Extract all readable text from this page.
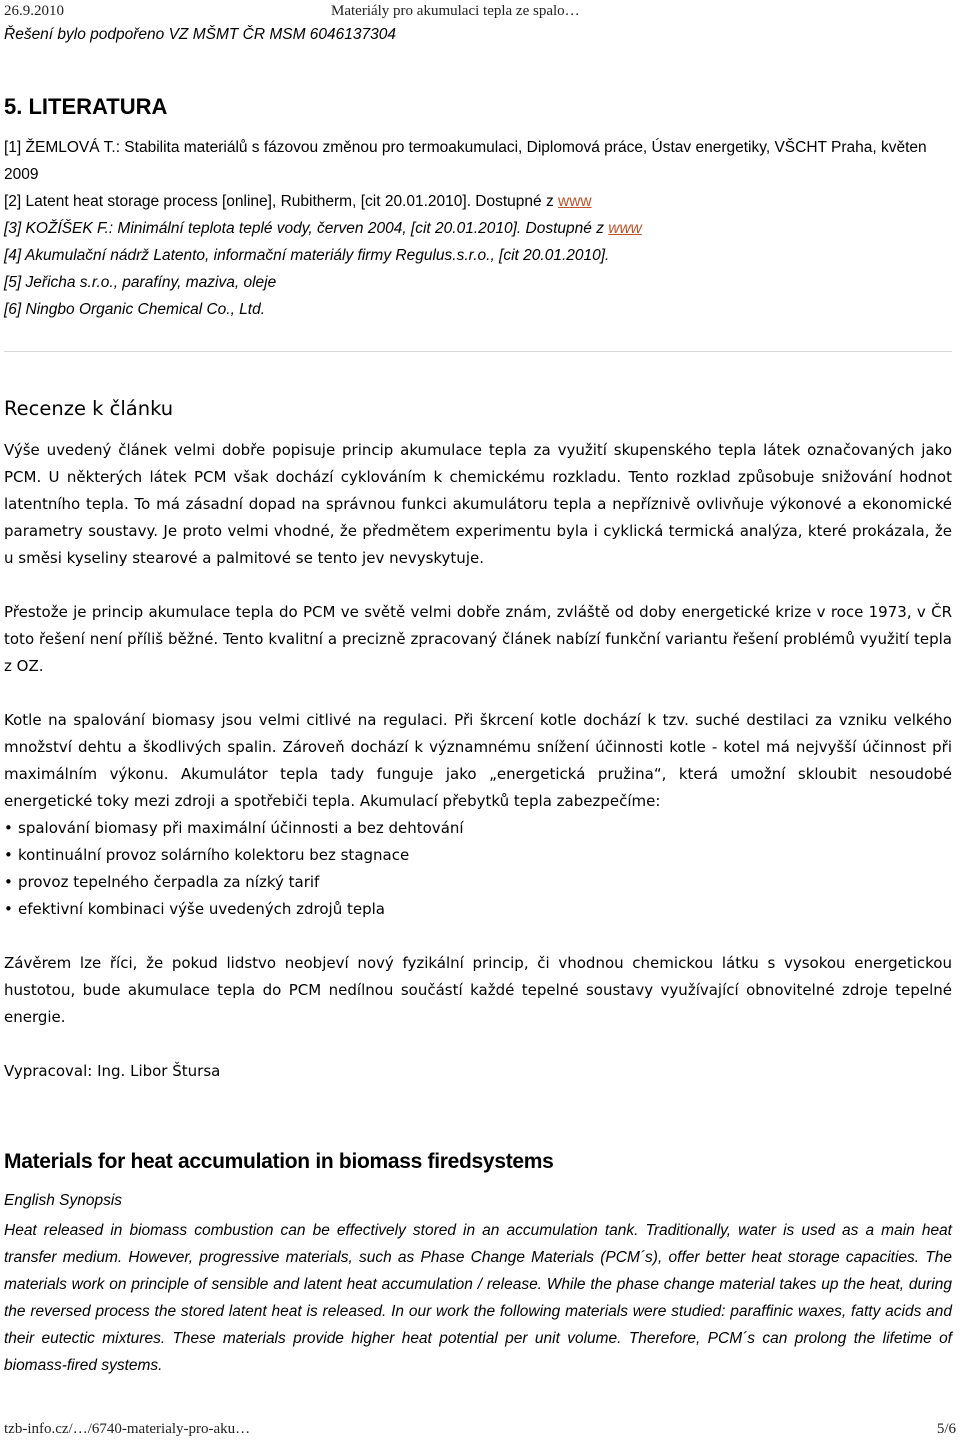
26.9.2010	Materiály pro akumulaci tepla ze spalo…
Řešení bylo podpořeno VZ MŠMT ČR MSM 6046137304
5. LITERATURA
[1] ŽEMLOVÁ T.: Stabilita materiálů s fázovou změnou pro termoakumulaci, Diplomová práce, Ústav energetiky, VŠCHT Praha, květen 2009
[2] Latent heat storage process [online], Rubitherm, [cit 20.01.2010]. Dostupné z www
[3] KOŽÍŠEK F.: Minimální teplota teplé vody, červen 2004, [cit 20.01.2010]. Dostupné z www
[4] Akumulační nádrž Latento, informační materiály firmy Regulus.s.r.o., [cit 20.01.2010].
[5] Jeřicha s.r.o., parafíny, maziva, oleje
[6] Ningbo Organic Chemical Co., Ltd.
Recenze k článku

Výše uvedený článek velmi dobře popisuje princip akumulace tepla za využití skupenského tepla látek označovaných jako PCM. U některých látek PCM však dochází cyklováním k chemickému rozkladu. Tento rozklad způsobuje snižování hodnot latentního tepla. To má zásadní dopad na správnou funkci akumulátoru tepla a nepříznivě ovlivňuje výkonové a ekonomické parametry soustavy. Je proto velmi vhodné, že předmětem experimentu byla i cyklická termická analýza, které prokázala, že u směsi kyseliny stearové a palmitové se tento jev nevyskytuje.

Přestože je princip akumulace tepla do PCM ve světě velmi dobře znám, zvláště od doby energetické krize v roce 1973, v ČR toto řešení není příliš běžné. Tento kvalitní a precizně zpracovaný článek nabízí funkční variantu řešení problémů využití tepla z OZ.

Kotle na spalování biomasy jsou velmi citlivé na regulaci. Při škrcení kotle dochází k tzv. suché destilaci za vzniku velkého množství dehtu a škodlivých spalin. Zároveň dochází k významnému snížení účinnosti kotle - kotel má nejvyšší účinnost při maximálním výkonu. Akumulátor tepla tady funguje jako „energetická pružina“, která umožní skloubit nesoudobé energetické toky mezi zdroji a spotřebiči tepla. Akumulací přebytků tepla zabezpečíme:

• spalování biomasy při maximální účinnosti a bez dehtování
• kontinuální provoz solárního kolektoru bez stagnace
• provoz tepelného čerpadla za nízký tarif
• efektivní kombinaci výše uvedených zdrojů tepla

Závěrem lze říci, že pokud lidstvo neobjeví nový fyzikální princip, či vhodnou chemickou látku s vysokou energetickou hustotou, bude akumulace tepla do PCM nedílnou součástí každé tepelné soustavy využívající obnovitelné zdroje tepelné energie.

Vypracoval: Ing. Libor Štursa

Materials for heat accumulation in biomass firedsystems
English Synopsis

Heat released in biomass combustion can be effectively stored in an accumulation tank. Traditionally, water is used as a main heat transfer medium. However, progressive materials, such as Phase Change Materials (PCM´s), offer better heat storage capacities. The materials work on principle of sensible and latent heat accumulation / release. While the phase change material takes up the heat, during the reversed process the stored latent heat is released. In our work the following materials were studied: paraffinic waxes, fatty acids and their eutectic mixtures. These materials provide higher heat potential per unit volume. Therefore, PCM´s can prolong the lifetime of biomass-fired systems.

tzb-info.cz/…/6740-materialy-pro-aku…	5/6
